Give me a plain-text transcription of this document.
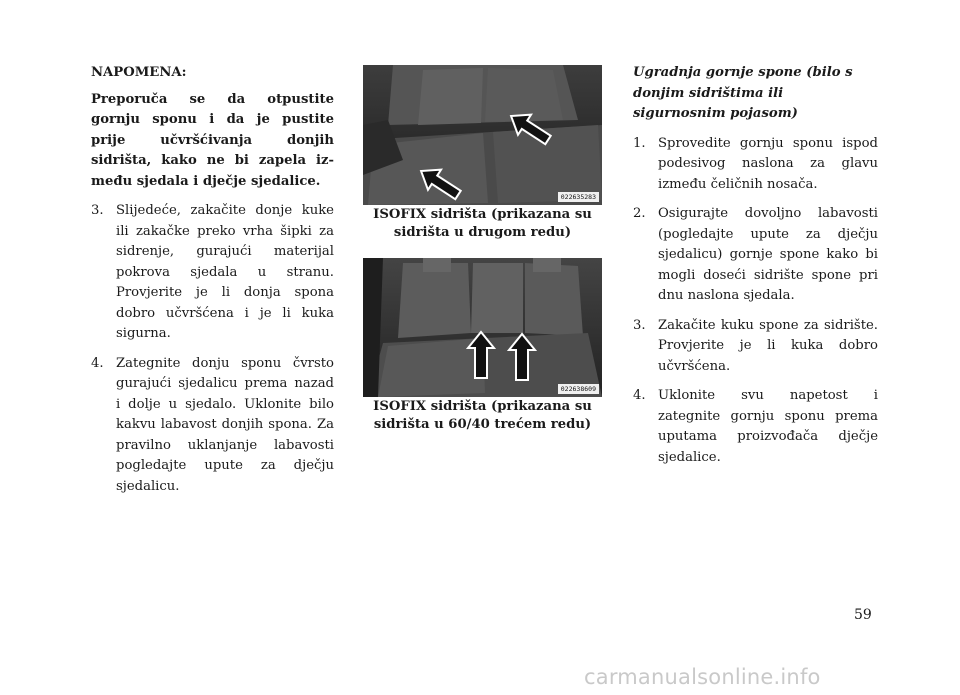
NAPOMENA:

Preporuča se da otpustite gornju sponu i da je pustite prije učvršćivanja donjih sidrišta, kako ne bi zapela između sjedala i dječje sjedalice.

3. Slijedeće, zakačite donje kuke ili zakačke preko vrha šipki za sidrenje, gurajući materijal pokrova sjedala u stranu. Provjerite je li donja spona dobro učvršćena i je li kuka sigurna.
4. Zategnite donju sponu čvrsto gurajući sjedalicu prema nazad i dolje u sjedalo. Uklonite bilo kakvu labavost donjih spona. Za pravilno uklanjanje labavosti pogledajte upute za dječju sjedalicu.
022635283
ISOFIX sidrišta (prikazana su sidrišta u drugom redu)
022638609
ISOFIX sidrišta (prikazana su sidrišta u 60/40 trećem redu)

Ugradnja gornje spone (bilo s donjim sidrištima ili sigurnosnim pojasom)

1. Sprovedite gornju sponu ispod podesivog naslona za glavu između čeličnih nosača.
2. Osigurajte dovoljno labavosti (pogledajte upute za dječju sjedalicu) gornje spone kako bi mogli doseći sidrište spone pri dnu naslona sjedala.
3. Zakačite kuku spone za sidrište. Provjerite je li kuka dobro učvršćena.
4. Uklonite svu napetost i zategnite gornju sponu prema uputama proizvođača dječje sjedalice.
59
carmanualsonline.info
